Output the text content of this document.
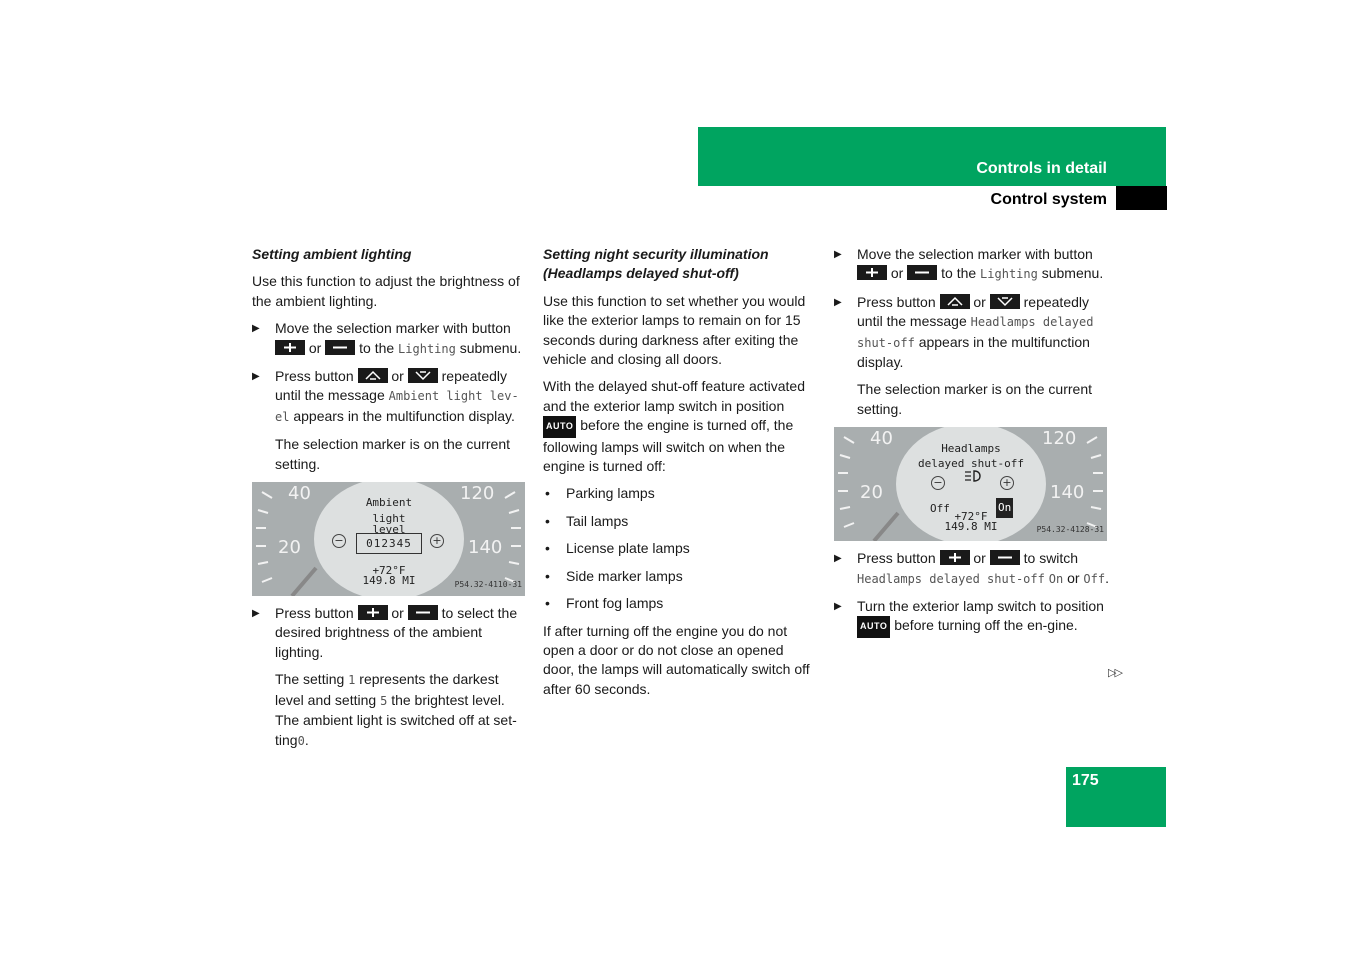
Controls in detail
Control system
Setting ambient lighting

Use this function to adjust the brightness of the ambient lighting.

▶ Move the selection marker with button
or	to the Lighting submenu.
▶ Press button	or	repeatedly until the message Ambient light lev-el appears in the multifunction display.
The selection marker is on the current setting.
40
20
120
140
Ambient
light
level
−	012345	+
+72°F
149.8 MI	P54.32-4110-31
▶ Press button	or	to select the desired brightness of the ambient lighting.
The setting 1 represents the darkest level and setting 5 the brightest level. The ambient light is switched off at set-ting0.
Setting night security illumination (Headlamps delayed shut-off)

Use this function to set whether you would like the exterior lamps to remain on for 15 seconds during darkness after exiting the vehicle and closing all doors.

With the delayed shut-off feature activated and the exterior lamp switch in position AUTO before the engine is turned off, the following lamps will switch on when the engine is turned off:

• Parking lamps
• Tail lamps
• License plate lamps
• Side marker lamps
• Front fog lamps

If after turning off the engine you do not open a door or do not close an opened door, the lamps will automatically switch off after 60 seconds.

▶ Move the selection marker with button
or	to the Lighting submenu.
▶ Press button	or	repeatedly until the message Headlamps delayed shut-off appears in the multifunction display.
The selection marker is on the current setting.
40
20
120
140
Headlamps
delayed shut-off
−	+
Off	On
+72°F
149.8 MI	P54.32-4128-31
▶ Press button	or	to switch Headlamps delayed shut-off On or Off.
▶ Turn the exterior lamp switch to position AUTO before turning off the en-gine.
▷▷
175
